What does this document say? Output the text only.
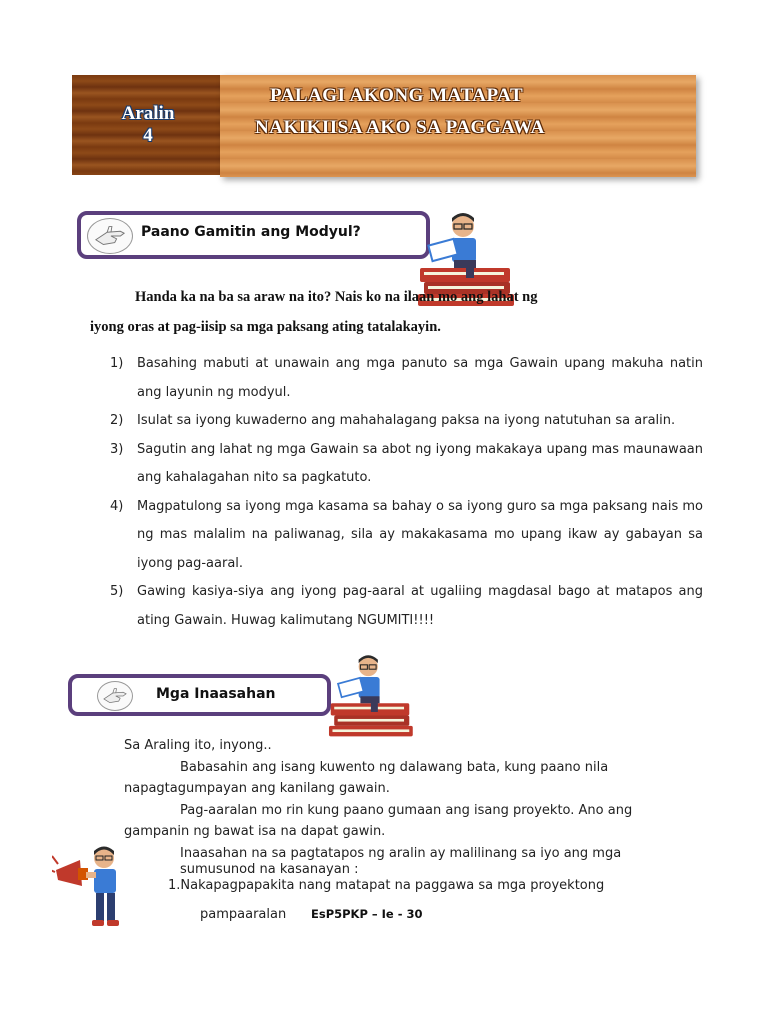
Aralin
4
PALAGI AKONG MATAPAT
NAKIKIISA AKO SA PAGGAWA
Paano Gamitin ang Modyul?
Handa ka na ba sa araw na ito? Nais ko na ilaan mo ang lahat ng
iyong oras at pag-iisip sa mga paksang ating tatalakayin.
1) Basahing mabuti at unawain ang mga panuto sa mga Gawain upang makuha natin ang layunin ng modyul.
2) Isulat sa iyong kuwaderno ang mahahalagang paksa na iyong natutuhan sa aralin.
3) Sagutin ang lahat ng mga Gawain sa abot ng iyong makakaya upang mas maunawaan ang kahalagahan nito sa pagkatuto.
4) Magpatulong sa iyong mga kasama sa bahay o sa iyong guro sa mga paksang nais mo ng mas malalim na paliwanag, sila ay makakasama mo upang ikaw ay gabayan sa iyong pag-aaral.
5) Gawing kasiya-siya ang iyong pag-aaral at ugaliing magdasal bago at matapos ang ating Gawain. Huwag kalimutang NGUMITI!!!!
Mga Inaasahan
Sa Araling ito, inyong..
Babasahin ang isang kuwento ng dalawang bata, kung paano nila
napagtagumpayan ang kanilang gawain.
Pag-aaralan mo rin kung paano gumaan ang isang proyekto. Ano ang
gampanin ng bawat isa na dapat gawin.
Inaasahan na sa pagtatapos ng aralin ay malilinang sa iyo ang mga
sumusunod na kasanayan :
1.Nakapagpapakita nang matapat na paggawa sa mga proyektong
pampaaralan EsP5PKP – Ie - 30
